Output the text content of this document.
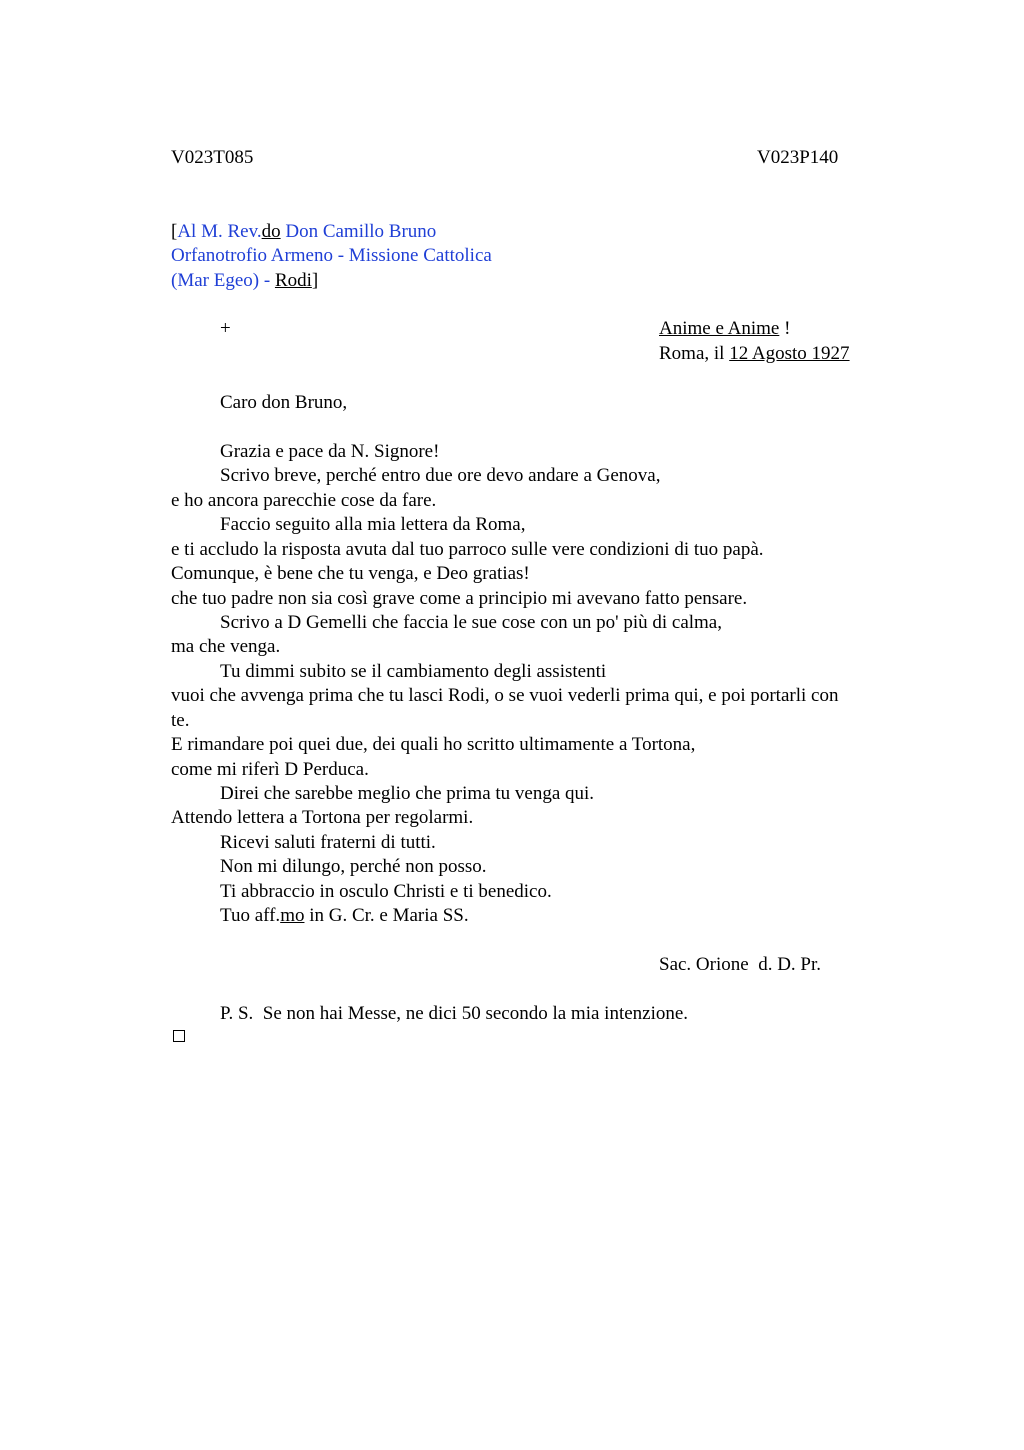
V023T085	V023P140
[Al M. Rev.do Don Camillo Bruno
Orfanotrofio Armeno - Missione Cattolica
(Mar Egeo) - Rodi]
+	Anime e Anime !
Roma, il 12 Agosto 1927
Caro don Bruno,
Grazia e pace da N. Signore!
Scrivo breve, perché entro due ore devo andare a Genova,
e ho ancora parecchie cose da fare.
Faccio seguito alla mia lettera da Roma,
e ti accludo la risposta avuta dal tuo parroco sulle vere condizioni di tuo papà.
Comunque, è bene che tu venga, e Deo gratias!
che tuo padre non sia così grave come a principio mi avevano fatto pensare.
Scrivo a D Gemelli che faccia le sue cose con un po' più di calma,
ma che venga.
Tu dimmi subito se il cambiamento degli assistenti
vuoi che avvenga prima che tu lasci Rodi, o se vuoi vederli prima qui, e poi portarli con
te.
E rimandare poi quei due, dei quali ho scritto ultimamente a Tortona,
come mi riferì D Perduca.
Direi che sarebbe meglio che prima tu venga qui.
Attendo lettera a Tortona per regolarmi.
Ricevi saluti fraterni di tutti.
Non mi dilungo, perché non posso.
Ti abbraccio in osculo Christi e ti benedico.
Tuo aff.mo in G. Cr. e Maria SS.
Sac. Orione  d. D. Pr.
P. S.  Se non hai Messe, ne dici 50 secondo la mia intenzione.
